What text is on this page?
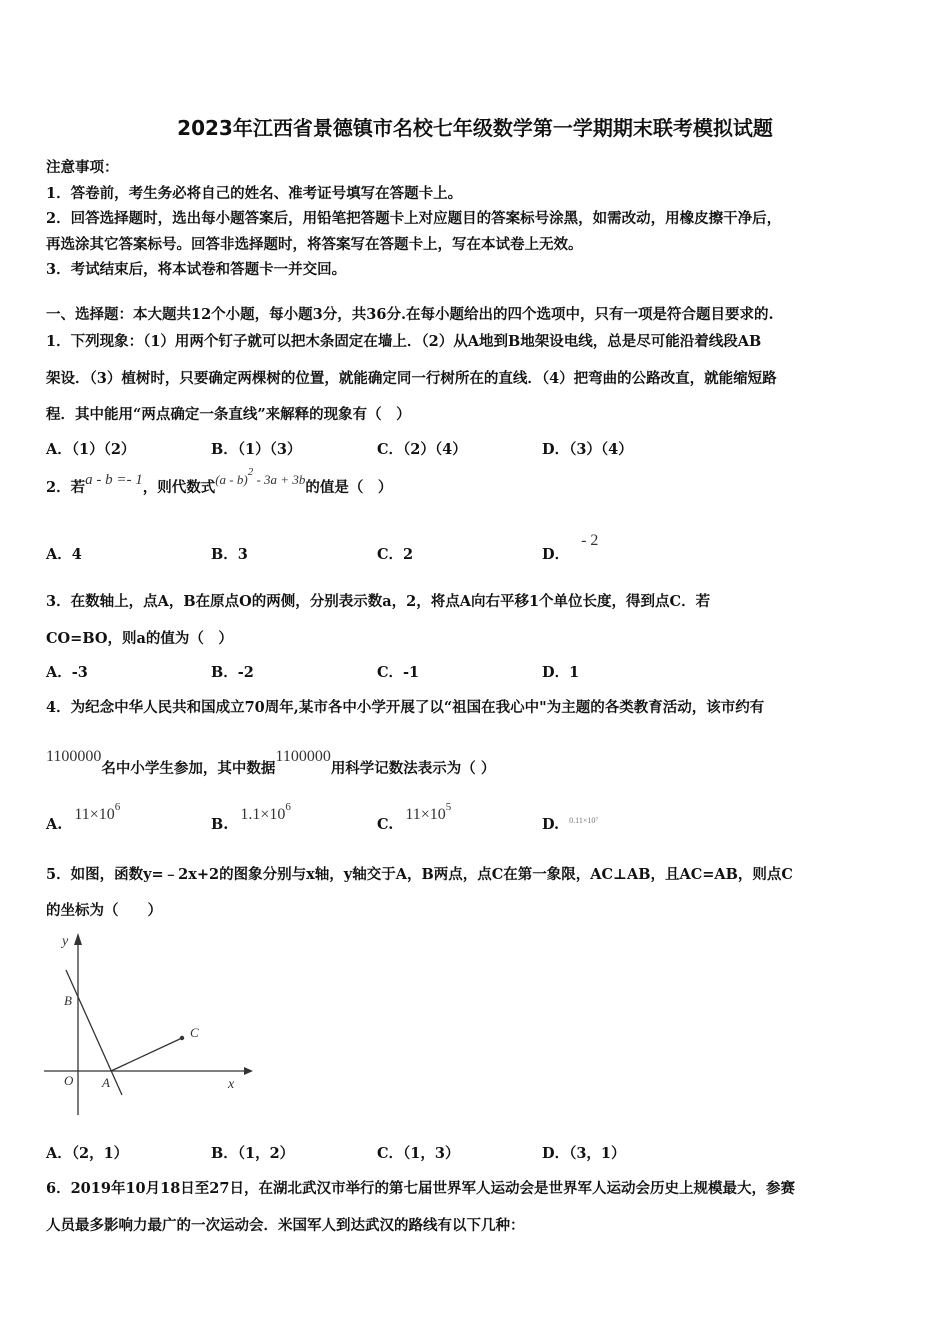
2023年江西省景德镇市名校七年级数学第一学期期末联考模拟试题
注意事项：
1．答卷前，考生务必将自己的姓名、准考证号填写在答题卡上。
2．回答选择题时，选出每小题答案后，用铅笔把答题卡上对应题目的答案标号涂黑，如需改动，用橡皮擦干净后，
再选涂其它答案标号。回答非选择题时，将答案写在答题卡上，写在本试卷上无效。
3．考试结束后，将本试卷和答题卡一并交回。
一、选择题：本大题共12个小题，每小题3分，共36分.在每小题给出的四个选项中，只有一项是符合题目要求的.
1．下列现象：（1）用两个钉子就可以把木条固定在墙上．（2）从A地到B地架设电线，总是尽可能沿着线段AB
架设．（3）植树时，只要确定两棵树的位置，就能确定同一行树所在的直线．（4）把弯曲的公路改直，就能缩短路
程．其中能用“两点确定一条直线”来解释的现象有（　）
A．（1）（2）	B．（1）（3）	C．（2）（4）	D．（3）（4）
2．若a - b =- 1，则代数式(a - b)$^2$ - 3a + 3b的值是（　）
A．4	B．3	C．2	D．- 2
3．在数轴上，点A，B在原点O的两侧，分别表示数a，2，将点A向右平移1个单位长度，得到点C．若
CO=BO，则a的值为（　）
A．-3	B．-2	C．-1	D．1
4．为纪念中华人民共和国成立70周年,某市各中小学开展了以“祖国在我心中"为主题的各类教育活动，该市约有
1100000名中小学生参加，其中数据1100000用科学记数法表示为（ ）
$A.11\times 10^6$
$B.1.1\times 10^6$
$C.11\times 10^5$
D. $^{0.11\times 10^7}$
5．如图，函数y=﹣2x+2的图象分别与x轴，y轴交于A，B两点，点C在第一象限，AC⊥AB，且AC=AB，则点C
的坐标为（　　）
y
x
O A
B
C
A．（2，1）	B．（1，2）	C．（1，3）	D．（3，1）
6．2019年10月18日至27日，在湖北武汉市举行的第七届世界军人运动会是世界军人运动会历史上规模最大，参赛
人员最多影响力最广的一次运动会．米国军人到达武汉的路线有以下几种：
